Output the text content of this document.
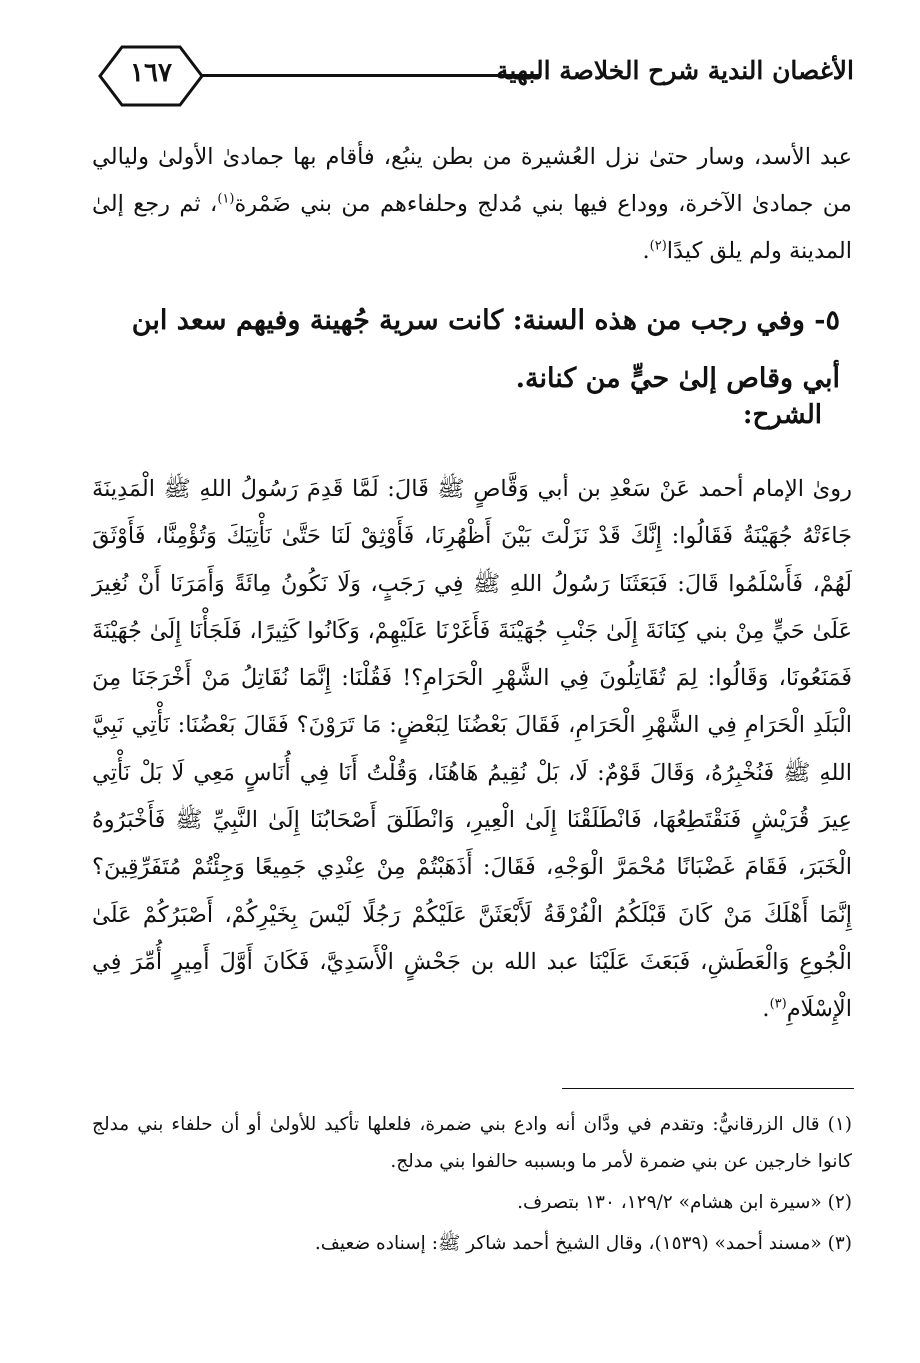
١٦٧	الأغصان الندية شرح الخلاصة البهية
عبد الأسد، وسار حتىٰ نزل العُشيرة من بطن ينبُع، فأقام بها جمادىٰ الأولىٰ وليالي من جمادىٰ الآخرة، ووداع فيها بني مُدلج وحلفاءهم من بني ضَمْرة$^{(١)}$، ثم رجع إلىٰ المدينة ولم يلق كيدًا$^{(٢)}$.
٥- وفي رجب من هذه السنة: كانت سرية جُهينة وفيهم سعد ابن أبي وقاص إلىٰ حيٍّ من كنانة.
الشرح:
روىٰ الإمام أحمد عَنْ سَعْدِ بن أبي وَقَّاصٍ ﷺ قَالَ: لَمَّا قَدِمَ رَسُولُ اللهِ ﷺ الْمَدِينَةَ جَاءَتْهُ جُهَيْنَةُ فَقَالُوا: إِنَّكَ قَدْ نَزَلْتَ بَيْنَ أَظْهُرِنَا، فَأَوْثِقْ لَنَا حَتَّىٰ نَأْتِيَكَ وَتُؤْمِنَّا، فَأَوْثَقَ لَهُمْ، فَأَسْلَمُوا قَالَ: فَبَعَثَنَا رَسُولُ اللهِ ﷺ فِي رَجَبٍ، وَلَا نَكُونُ مِائَةً وَأَمَرَنَا أَنْ نُغِيرَ عَلَىٰ حَيٍّ مِنْ بني كِنَانَةَ إِلَىٰ جَنْبِ جُهَيْنَةَ فَأَغَرْنَا عَلَيْهِمْ، وَكَانُوا كَثِيرًا، فَلَجَأْنَا إِلَىٰ جُهَيْنَةَ فَمَنَعُونَا، وَقَالُوا: لِمَ تُقَاتِلُونَ فِي الشَّهْرِ الْحَرَامِ؟! فَقُلْنَا: إِنَّمَا نُقَاتِلُ مَنْ أَخْرَجَنَا مِنَ الْبَلَدِ الْحَرَامِ فِي الشَّهْرِ الْحَرَامِ، فَقَالَ بَعْضُنَا لِبَعْضٍ: مَا تَرَوْنَ؟ فَقَالَ بَعْضُنَا: نَأْتِي نَبِيَّ اللهِ ﷺ فَنُخْبِرُهُ، وَقَالَ قَوْمٌ: لَا، بَلْ نُقِيمُ هَاهُنَا، وَقُلْتُ أَنَا فِي أُنَاسٍ مَعِي لَا بَلْ نَأْتِي عِيرَ قُرَيْشٍ فَنَقْتَطِعُهَا، فَانْطَلَقْنَا إِلَىٰ الْعِيرِ، وَانْطَلَقَ أَصْحَابُنَا إِلَىٰ النَّبِيِّ ﷺ فَأَخْبَرُوهُ الْخَبَرَ، فَقَامَ غَضْبَانًا مُحْمَرَّ الْوَجْهِ، فَقَالَ: أَذَهَبْتُمْ مِنْ عِنْدِي جَمِيعًا وَجِئْتُمْ مُتَفَرِّقِينَ؟ إِنَّمَا أَهْلَكَ مَنْ كَانَ قَبْلَكُمُ الْفُرْقَةُ لَأَبْعَثَنَّ عَلَيْكُمْ رَجُلًا لَيْسَ بِخَيْرِكُمْ، أَصْبَرُكُمْ عَلَىٰ الْجُوعِ وَالْعَطَشِ، فَبَعَثَ عَلَيْنَا عبد الله بن جَحْشٍ الْأَسَدِيَّ، فَكَانَ أَوَّلَ أَمِيرٍ أُمِّرَ فِي الْإِسْلَامِ$^{(٣)}$.

(١) قال الزرقانيُّ: وتقدم في ودَّان أنه وادع بني ضمرة، فلعلها تأكيد للأولىٰ أو أن حلفاء بني مدلج كانوا خارجين عن بني ضمرة لأمر ما وبسببه حالفوا بني مدلج.

(٢) «سيرة ابن هشام» ١٢٩/٢، ١٣٠ بتصرف.

(٣) «مسند أحمد» (١٥٣٩)، وقال الشيخ أحمد شاكر ﷺ: إسناده ضعيف.
